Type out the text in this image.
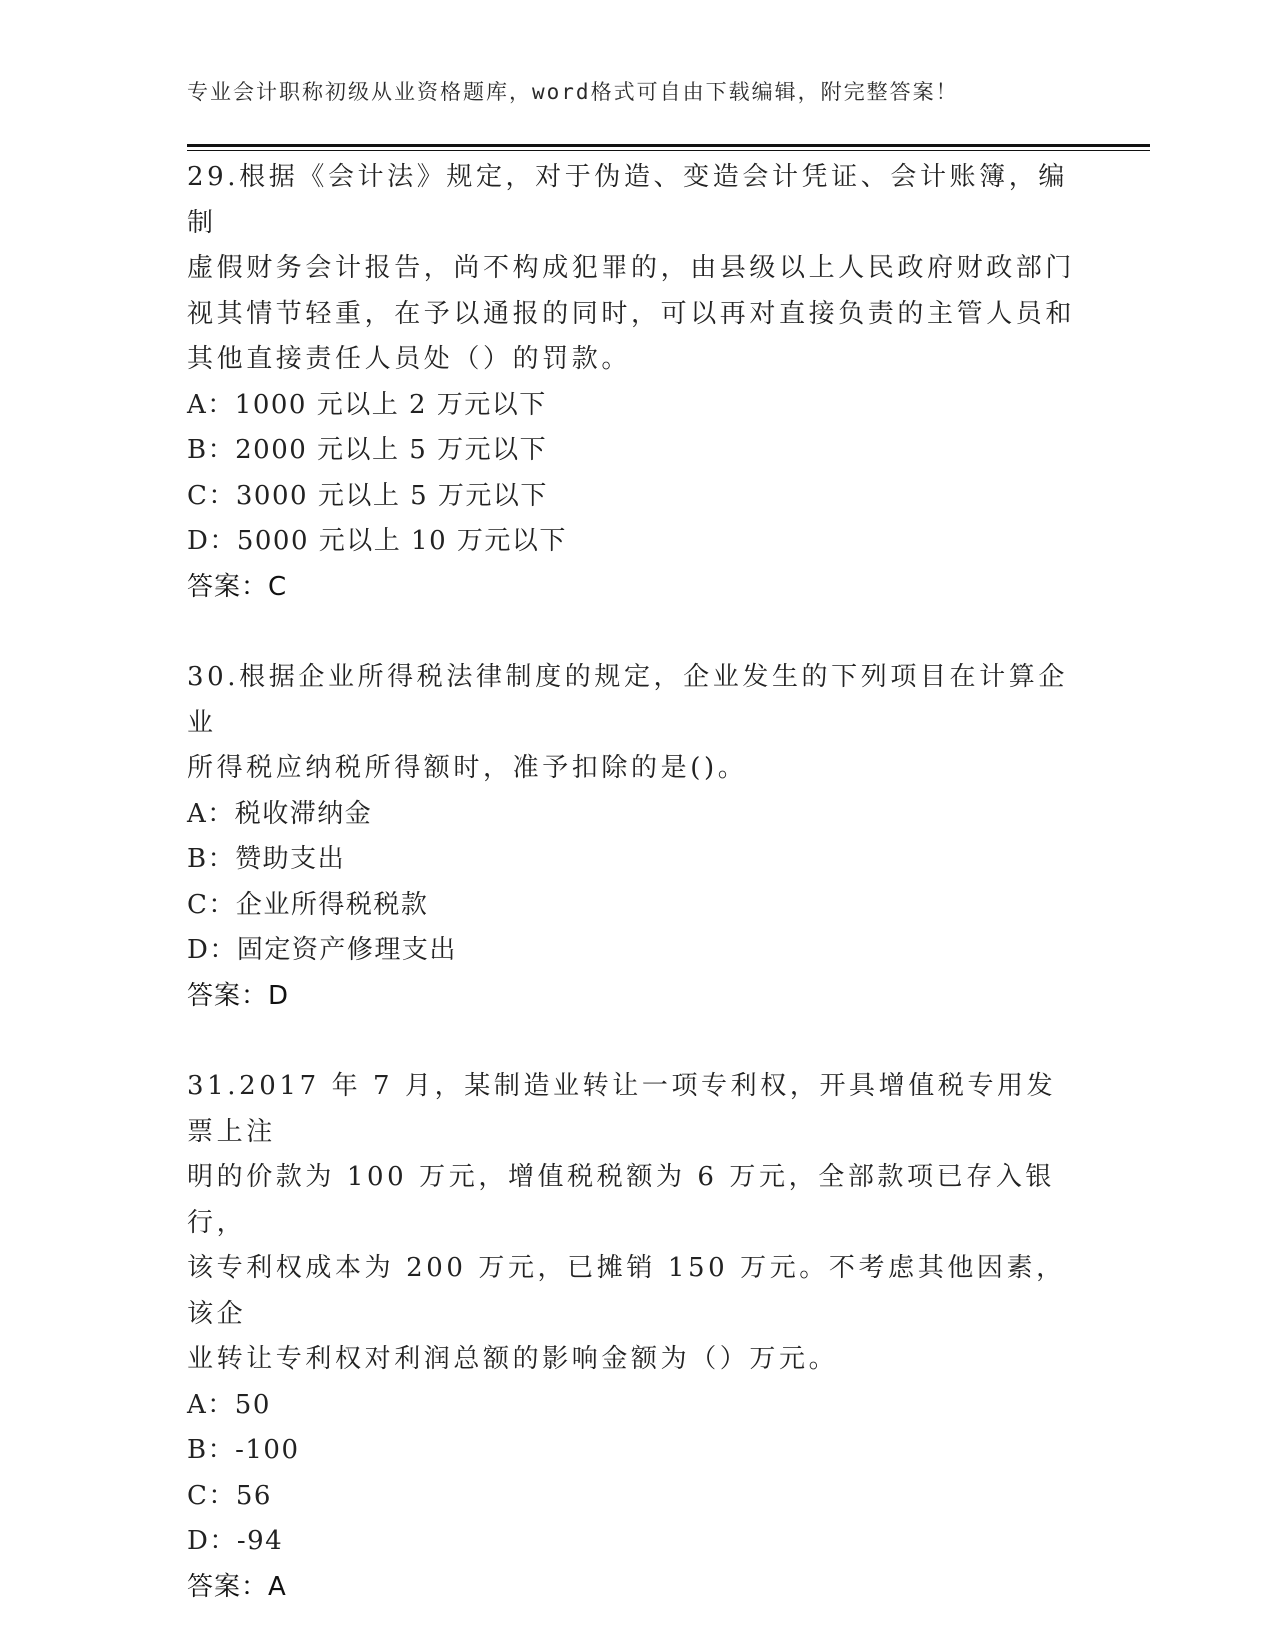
专业会计职称初级从业资格题库，word格式可自由下载编辑，附完整答案！
29.根据《会计法》规定，对于伪造、变造会计凭证、会计账簿，编制
虚假财务会计报告，尚不构成犯罪的，由县级以上人民政府财政部门
视其情节轻重，在予以通报的同时，可以再对直接负责的主管人员和
其他直接责任人员处（）的罚款。
A：1000 元以上 2 万元以下
B：2000 元以上 5 万元以下
C：3000 元以上 5 万元以下
D：5000 元以上 10 万元以下
答案：C
30.根据企业所得税法律制度的规定，企业发生的下列项目在计算企业
所得税应纳税所得额时，准予扣除的是()。
A：税收滞纳金
B：赞助支出
C：企业所得税税款
D：固定资产修理支出
答案：D
31.2017 年 7 月，某制造业转让一项专利权，开具增值税专用发票上注
明的价款为 100 万元，增值税税额为 6 万元，全部款项已存入银行，
该专利权成本为 200 万元，已摊销 150 万元。不考虑其他因素，该企
业转让专利权对利润总额的影响金额为（）万元。
A：50
B：-100
C：56
D：-94
答案：A
